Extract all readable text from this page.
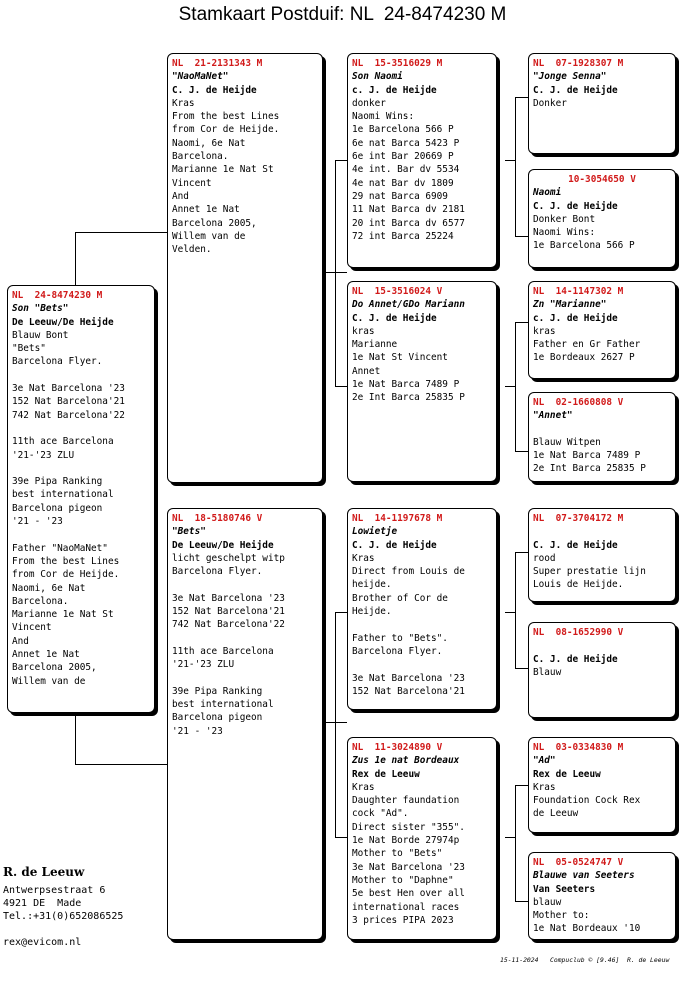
Stamkaart Postduif: NL  24-8474230 M
NL  24-8474230 M
Son "Bets"
De Leeuw/De Heijde
Blauw Bont
"Bets"
Barcelona Flyer.
3e Nat Barcelona '23
152 Nat Barcelona'21
742 Nat Barcelona'22
11th ace Barcelona
'21-'23 ZLU
39e Pipa Ranking
best international
Barcelona pigeon
'21 - '23
Father "NaoMaNet"
From the best Lines
from Cor de Heijde.
Naomi, 6e Nat
Barcelona.
Marianne 1e Nat St
Vincent
And
Annet 1e Nat
Barcelona 2005,
Willem van de
NL  21-2131343 M
"NaoMaNet"
C. J. de Heijde
Kras
From the best Lines
from Cor de Heijde.
Naomi, 6e Nat
Barcelona.
Marianne 1e Nat St
Vincent
And
Annet 1e Nat
Barcelona 2005,
Willem van de
Velden.
NL  18-5180746 V
"Bets"
De Leeuw/De Heijde
licht geschelpt witp
Barcelona Flyer.
3e Nat Barcelona '23
152 Nat Barcelona'21
742 Nat Barcelona'22
11th ace Barcelona
'21-'23 ZLU
39e Pipa Ranking
best international
Barcelona pigeon
'21 - '23
NL  15-3516029 M
Son Naomi
c. J. de Heijde
donker
Naomi Wins:
1e Barcelona 566 P
6e nat Barca 5423 P
6e int Bar 20669 P
4e int. Bar dv 5534
4e nat Bar dv 1809
29 nat Barca 6909
11 Nat Barca dv 2181
20 int Barca dv 6577
72 int Barca 25224
NL  15-3516024 V
Do Annet/GDo Mariann
C. J. de Heijde
kras
Marianne
1e Nat St Vincent
Annet
1e Nat Barca 7489 P
2e Int Barca 25835 P
NL  14-1197678 M
Lowietje
C. J. de Heijde
Kras
Direct from Louis de
heijde.
Brother of Cor de
Heijde.
Father to "Bets".
Barcelona Flyer.
3e Nat Barcelona '23
152 Nat Barcelona'21
NL  11-3024890 V
Zus 1e nat Bordeaux
Rex de Leeuw
Kras
Daughter faundation
cock "Ad".
Direct sister "355".
1e Nat Borde 27974p
Mother to "Bets"
3e Nat Barcelona '23
Mother to "Daphne"
5e best Hen over all
international races
3 prices PIPA 2023
NL  07-1928307 M
"Jonge Senna"
C. J. de Heijde
Donker
10-3054650 V
Naomi
C. J. de Heijde
Donker Bont
Naomi Wins:
1e Barcelona 566 P
NL  14-1147302 M
Zn "Marianne"
c. J. de Heijde
kras
Father en Gr Father
1e Bordeaux 2627 P
NL  02-1660808 V
"Annet"
Blauw Witpen
1e Nat Barca 7489 P
2e Int Barca 25835 P
NL  07-3704172 M
C. J. de Heijde
rood
Super prestatie lijn
Louis de Heijde.
NL  08-1652990 V
C. J. de Heijde
Blauw
NL  03-0334830 M
"Ad"
Rex de Leeuw
Kras
Foundation Cock Rex
de Leeuw
NL  05-0524747 V
Blauwe van Seeters
Van Seeters
blauw
Mother to:
1e Nat Bordeaux '10
R. de Leeuw
Antwerpsestraat 6
4921 DE  Made
Tel.:+31(0)652086525
rex@evicom.nl
15-11-2024   Compuclub © [9.46]  R. de Leeuw
